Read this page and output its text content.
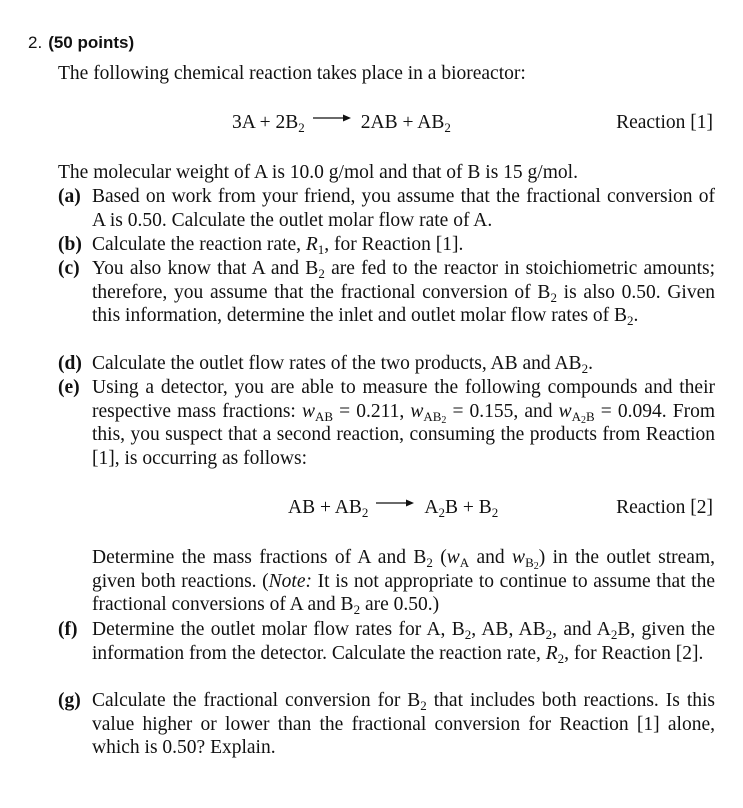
2. (50 points)
The following chemical reaction takes place in a bioreactor:
$3A + 2B_2$	$2AB + AB_2$	Reaction [1]
The molecular weight of A is 10.0 g/mol and that of B is 15 g/mol.
(a) Based on work from your friend, you assume that the fractional conversion of A is 0.50. Calculate the outlet molar flow rate of A.
(b) Calculate the reaction rate, $R_1$, for Reaction [1].
(c) You also know that A and $B_2$ are fed to the reactor in stoichiometric amounts; therefore, you assume that the fractional conversion of $B_2$ is also 0.50. Given this information, determine the inlet and outlet molar flow rates of $B_2$.
(d) Calculate the outlet flow rates of the two products, AB and $AB_2$.
(e) Using a detector, you are able to measure the following compounds and their respective mass fractions: $w_{AB} = 0.211$, $w_{AB_2} = 0.155$, and $w_{A_2B} = 0.094$. From this, you suspect that a second reaction, consuming the products from Reaction [1], is occurring as follows:
AB + $AB_2$	$A_2B + B_2$	Reaction [2]
Determine the mass fractions of A and $B_2$ ($w_A$ and $w_{B_2}$) in the outlet stream, given both reactions. (Note: It is not appropriate to continue to assume that the fractional conversions of A and $B_2$ are 0.50.)
(f) Determine the outlet molar flow rates for A, $B_2$, AB, $AB_2$, and $A_2B$, given the information from the detector. Calculate the reaction rate, $R_2$, for Reaction [2].
(g) Calculate the fractional conversion for $B_2$ that includes both reactions. Is this value higher or lower than the fractional conversion for Reaction [1] alone, which is 0.50? Explain.
